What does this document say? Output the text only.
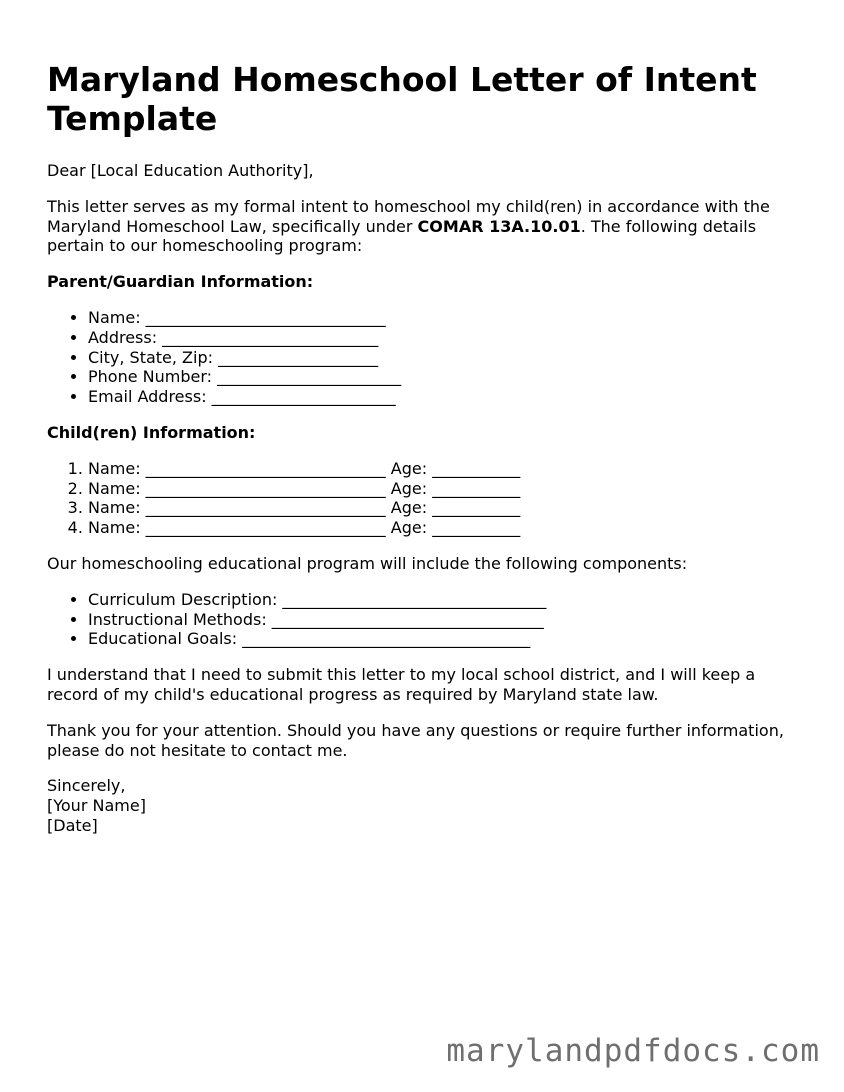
Maryland Homeschool Letter of Intent Template

Dear [Local Education Authority],

This letter serves as my formal intent to homeschool my child(ren) in accordance with the Maryland Homeschool Law, specifically under COMAR 13A.10.01. The following details pertain to our homeschooling program:

Parent/Guardian Information:
• Name: ______________________________
• Address: ___________________________
• City, State, Zip: ____________________
• Phone Number: _______________________
• Email Address: _______________________
Child(ren) Information:
1. Name: ______________________________ Age: ___________
2. Name: ______________________________ Age: ___________
3. Name: ______________________________ Age: ___________
4. Name: ______________________________ Age: ___________

Our homeschooling educational program will include the following components:

• Curriculum Description: _________________________________
• Instructional Methods: __________________________________
• Educational Goals: ____________________________________

I understand that I need to submit this letter to my local school district, and I will keep a record of my child's educational progress as required by Maryland state law.

Thank you for your attention. Should you have any questions or require further information, please do not hesitate to contact me.

Sincerely,
[Your Name]
[Date]
marylandpdfdocs.com
